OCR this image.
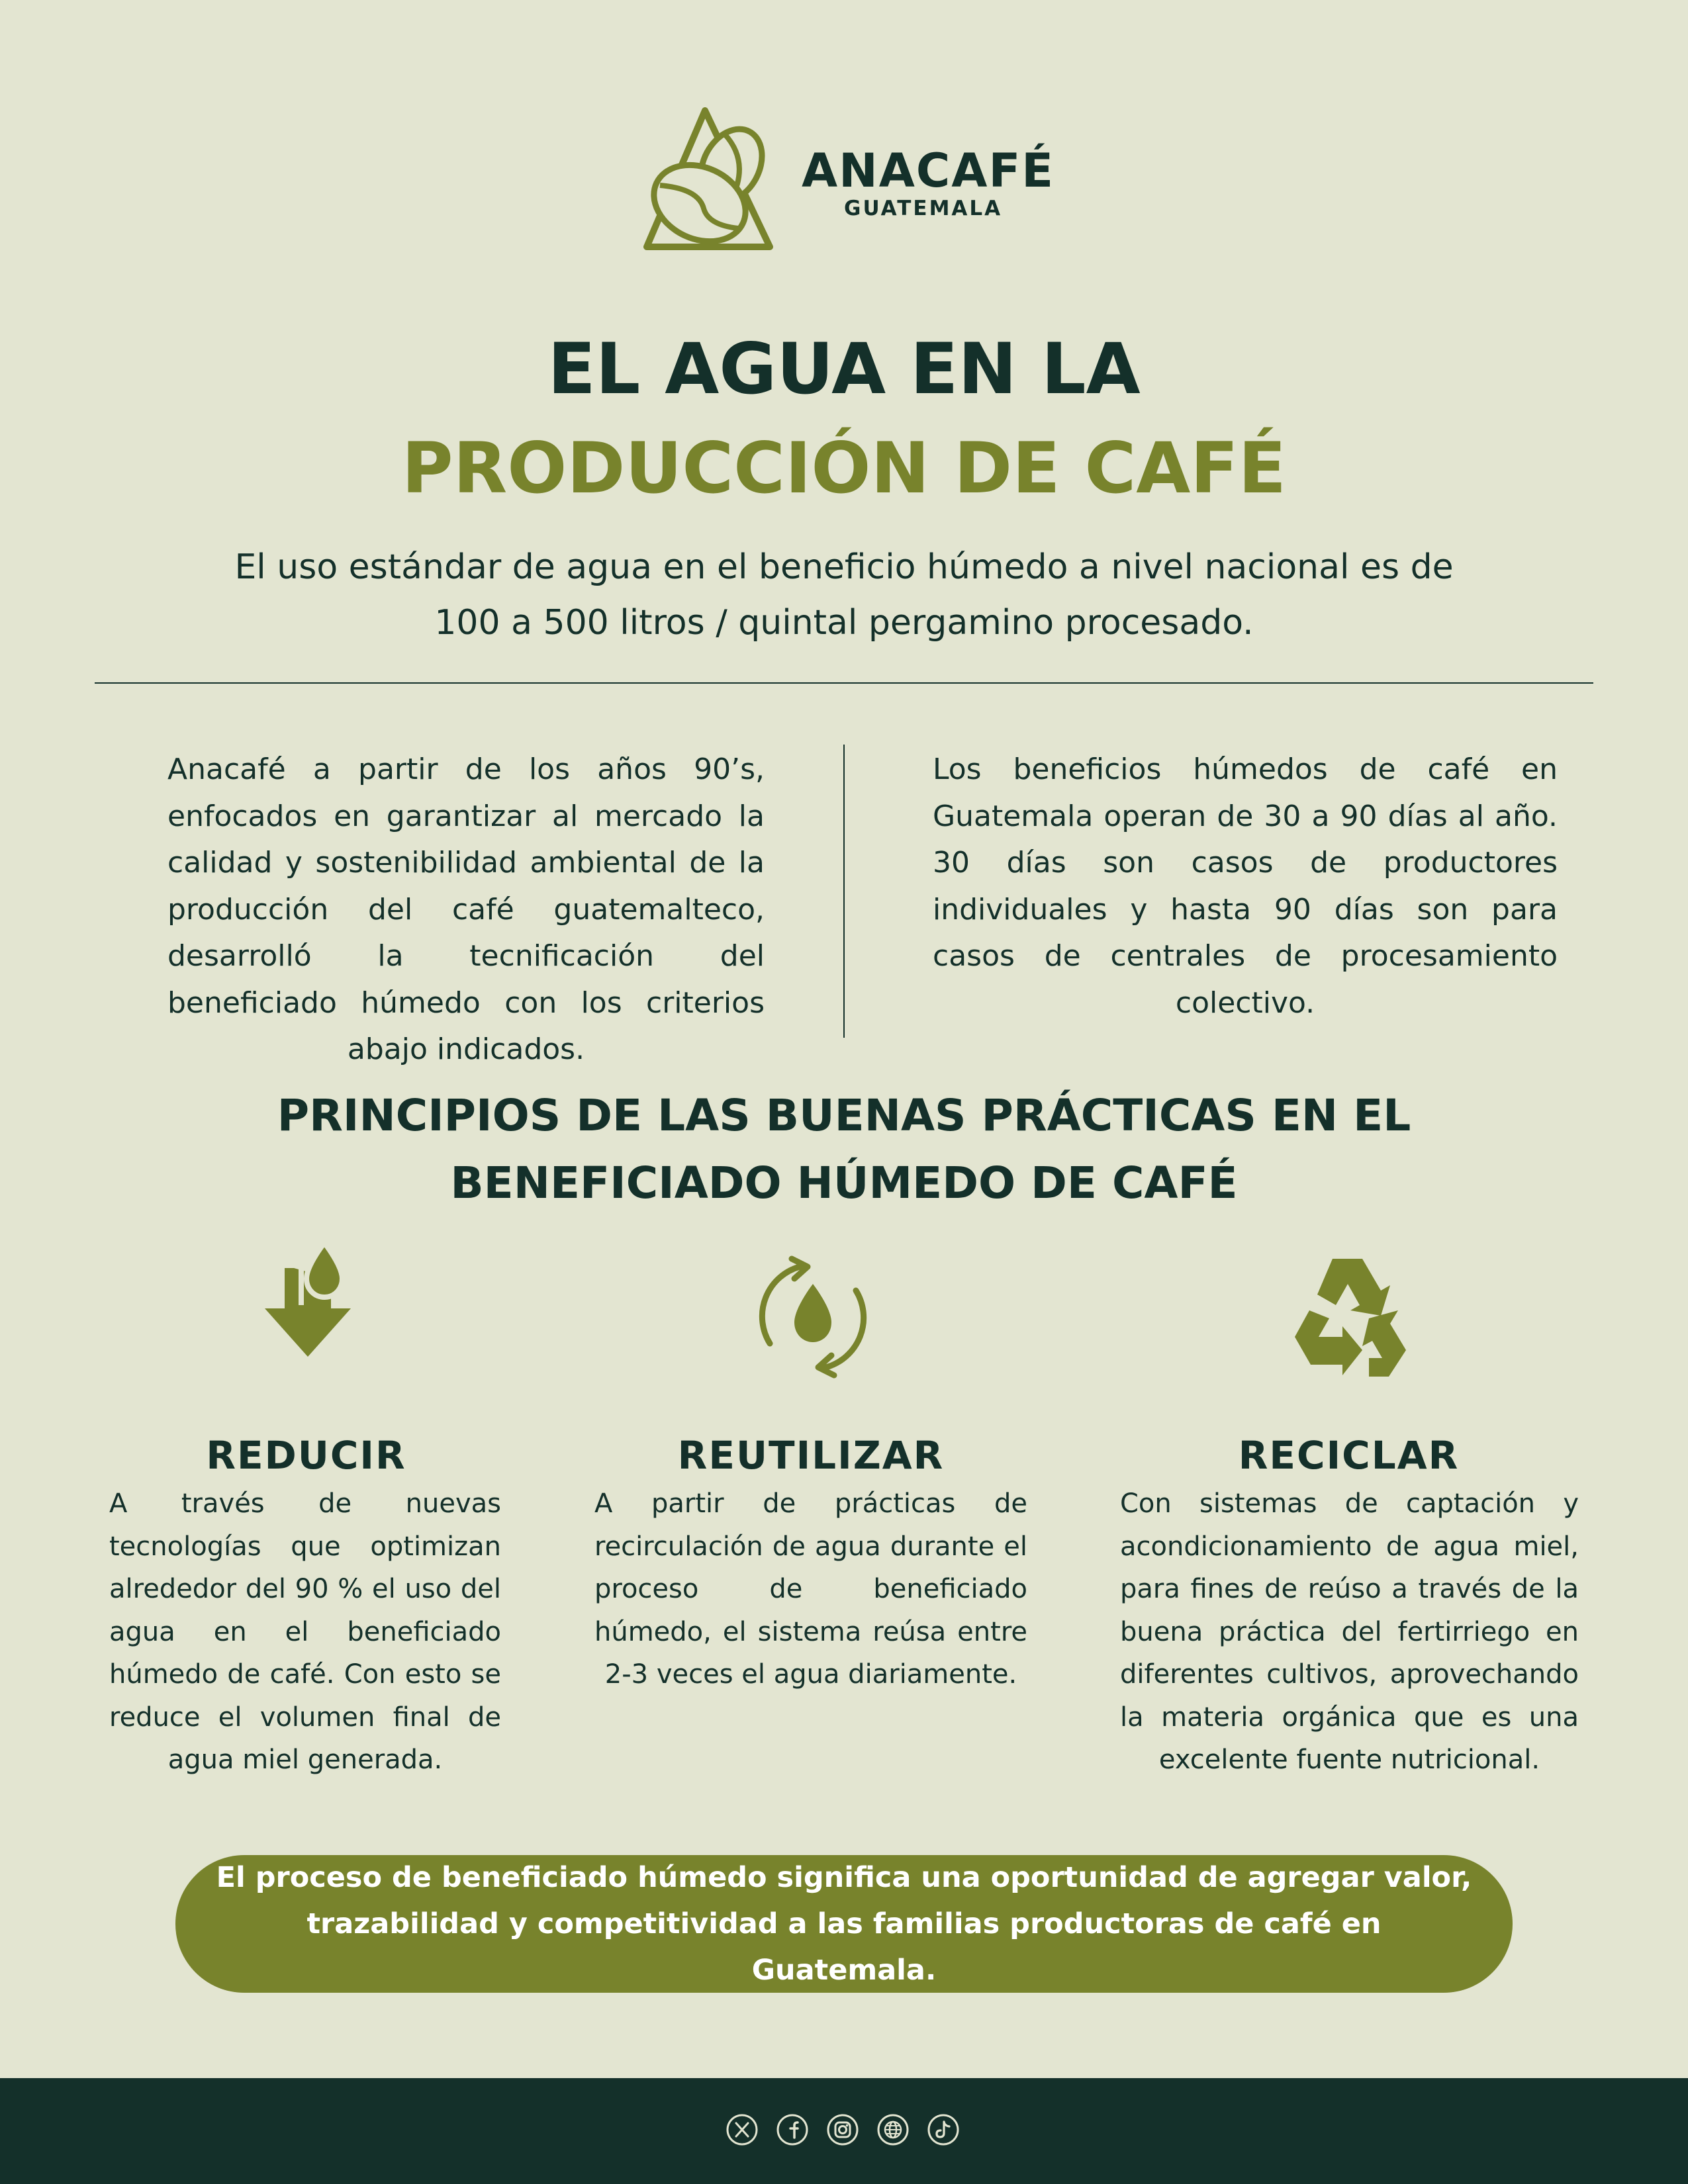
ANACAFÉ
GUATEMALA
EL AGUA EN LA
PRODUCCIÓN DE CAFÉ
El uso estándar de agua en el beneficio húmedo a nivel nacional es de 100 a 500 litros / quintal pergamino procesado.
Anacafé a partir de los años 90’s, enfocados en garantizar al mercado la calidad y sostenibilidad ambiental de la producción del café guatemalteco, desarrolló la tecnificación del beneficiado húmedo con los criterios abajo indicados.
Los beneficios húmedos de café en Guatemala operan de 30 a 90 días al año. 30 días son casos de productores individuales y hasta 90 días son para casos de centrales de procesamiento colectivo.
PRINCIPIOS DE LAS BUENAS PRÁCTICAS EN EL
BENEFICIADO HÚMEDO DE CAFÉ
REDUCIR	REUTILIZAR	RECICLAR
A través de nuevas tecnologías que optimizan alrededor del 90 % el uso del agua en el beneficiado húmedo de café. Con esto se reduce el volumen final de agua miel generada.
A partir de prácticas de recirculación de agua durante el proceso de beneficiado húmedo, el sistema reúsa entre 2-3 veces el agua diariamente.
Con sistemas de captación y acondicionamiento de agua miel, para fines de reúso a través de la buena práctica del fertirriego en diferentes cultivos, aprovechando la materia orgánica que es una excelente fuente nutricional.
El proceso de beneficiado húmedo significa una oportunidad de agregar valor, trazabilidad y competitividad a las familias productoras de café en Guatemala.
